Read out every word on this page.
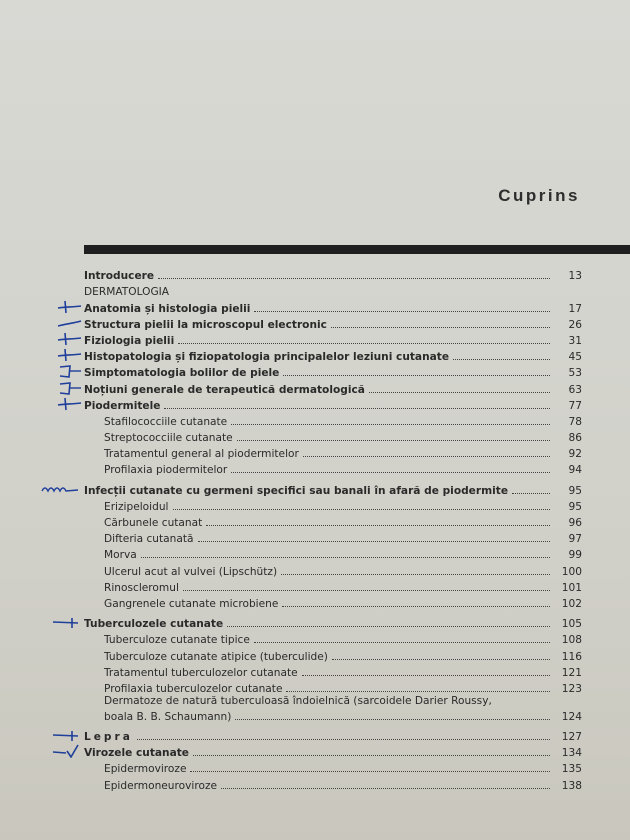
Cuprins
Introducere	13
DERMATOLOGIA
Anatomia și histologia pielii	17
Structura pielii la microscopul electronic	26
Fiziologia pielii	31
Histopatologia și fiziopatologia principalelor leziuni cutanate	45
Simptomatologia bolilor de piele	53
Noțiuni generale de terapeutică dermatologică	63
Piodermitele	77
Stafilococciile cutanate	78
Streptococciile cutanate	86
Tratamentul general al piodermitelor	92
Profilaxia piodermitelor	94
Infecții cutanate cu germeni specifici sau banali în afară de piodermite	95
Erizipeloidul	95
Cărbunele cutanat	96
Difteria cutanată	97
Morva	99
Ulcerul acut al vulvei (Lipschütz)	100
Rinoscleromul	101
Gangrenele cutanate microbiene	102
Tuberculozele cutanate	105
Tuberculoze cutanate tipice	108
Tuberculoze cutanate atipice (tuberculide)	116
Tratamentul tuberculozelor cutanate	121
Profilaxia tuberculozelor cutanate	123
Dermatoze de natură tuberculoasă îndoielnică (sarcoidele Darier Roussy,
boala B. B. Schaumann)	124
Lepra	127
Virozele cutanate	134
Epidermoviroze	135
Epidermoneuroviroze	138
